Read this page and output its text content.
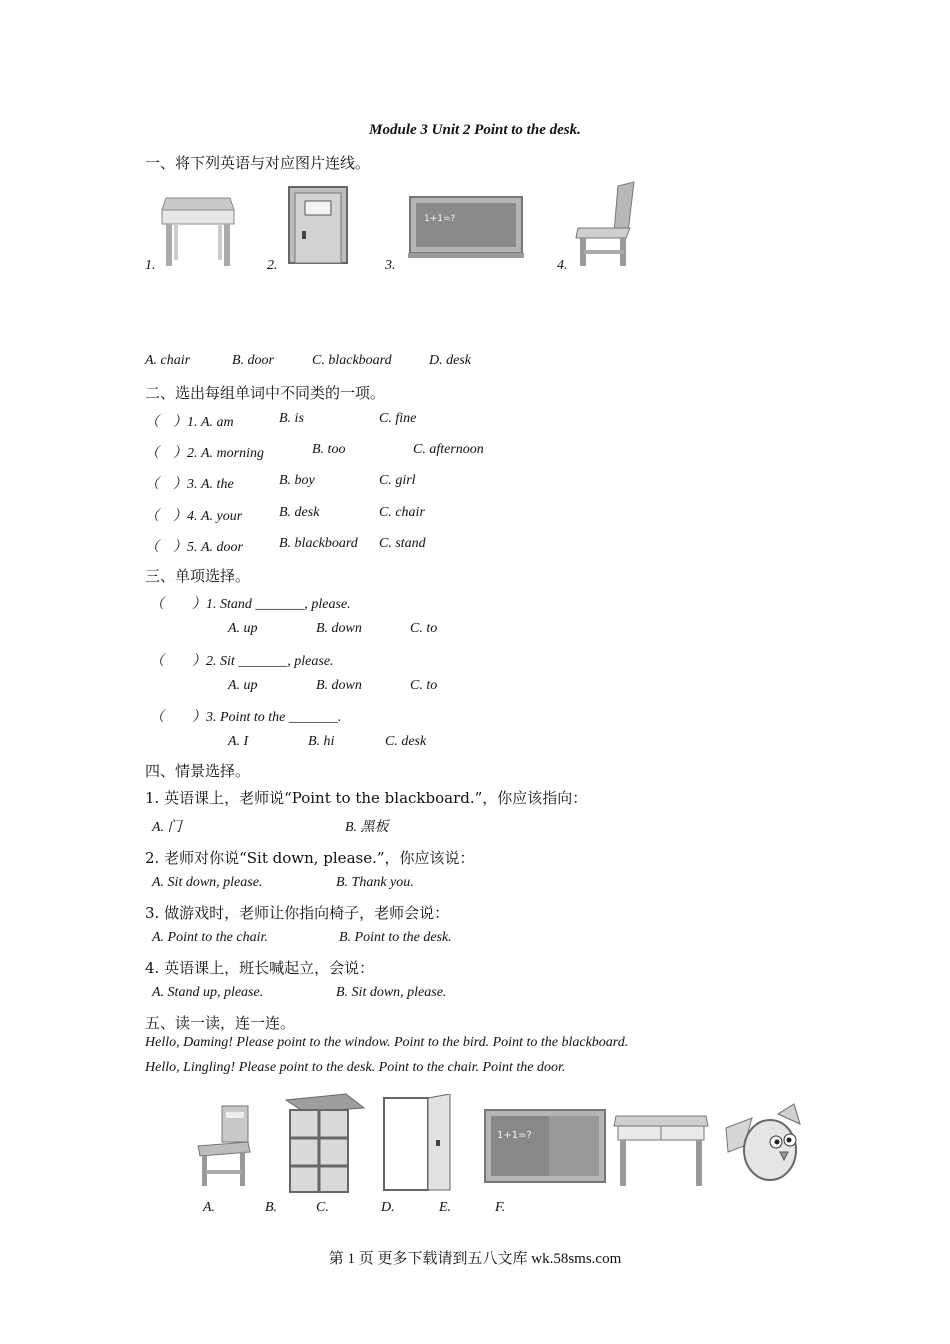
Module 3 Unit 2 Point to the desk.
一、将下列英语与对应图片连线。
1.	2.
1+1=?
3.	4.
A. chair	B. door	C. blackboard	D. desk
二、选出每组单词中不同类的一项。
（　）1. A. am	B. is	C. fine
（　）2. A. morning	B. too	C. afternoon
（　）3. A. the	B. boy	C. girl
（　）4. A. your	B. desk	C. chair
（　）5. A. door	B. blackboard C. stand
三、单项选择。
（　　）1. Stand _______, please.
A. up	B. down	C. to
（　　）2. Sit _______, please.
A. up	B. down	C. to
（　　）3. Point to the _______.
A. I	B. hi	C. desk
四、情景选择。
1. 英语课上，老师说“Point to the blackboard.”，你应该指向：
A. 门	B. 黑板
2. 老师对你说“Sit down, please.”，你应该说：
A. Sit down, please.	B. Thank you.
3. 做游戏时，老师让你指向椅子，老师会说：
A. Point to the chair.	B. Point to the desk.
4. 英语课上，班长喊起立，会说：
A. Stand up, please.	B. Sit down, please.
五、读一读，连一连。
Hello, Daming! Please point to the window. Point to the bird. Point to the blackboard.
Hello, Lingling! Please point to the desk. Point to the chair. Point the door.
1+1=?
A.	B.	C.	D.	E.	F.
第 1 页 更多下载请到五八文库 wk.58sms.com
